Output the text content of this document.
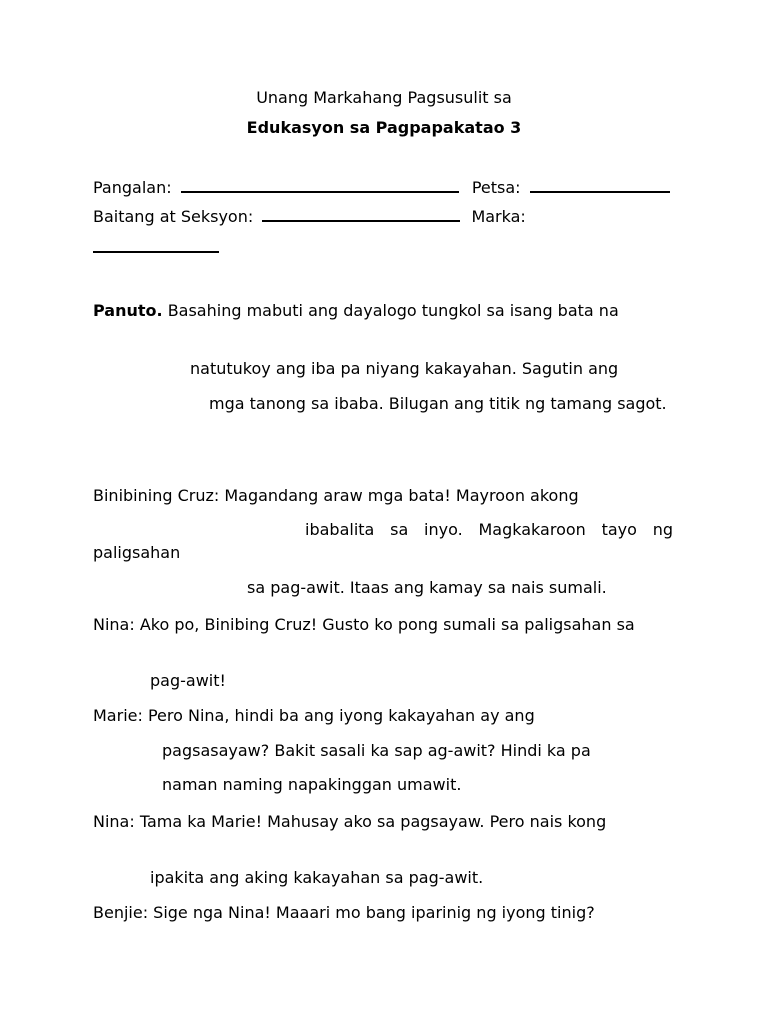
Unang Markahang Pagsusulit sa
Edukasyon sa Pagpapakatao 3
Pangalan:	Petsa:
Baitang at Seksyon:	Marka:
Panuto. Basahing mabuti ang dayalogo tungkol sa isang bata na
natutukoy ang iba pa niyang kakayahan. Sagutin ang
mga tanong sa ibaba. Bilugan ang titik ng tamang sagot.
Binibining Cruz: Magandang araw mga bata! Mayroon akong
ibabalita sa inyo. Magkakaroon tayo ng paligsahan
sa pag-awit. Itaas ang kamay sa nais sumali.
Nina: Ako po, Binibing Cruz! Gusto ko pong sumali sa paligsahan sa
pag-awit!
Marie: Pero Nina, hindi ba ang iyong kakayahan ay ang
pagsasayaw? Bakit sasali ka sap ag-awit? Hindi ka pa
naman naming napakinggan umawit.
Nina: Tama ka Marie! Mahusay ako sa pagsayaw. Pero nais kong
ipakita ang aking kakayahan sa pag-awit.
Benjie: Sige nga Nina! Maaari mo bang iparinig ng iyong tinig?
